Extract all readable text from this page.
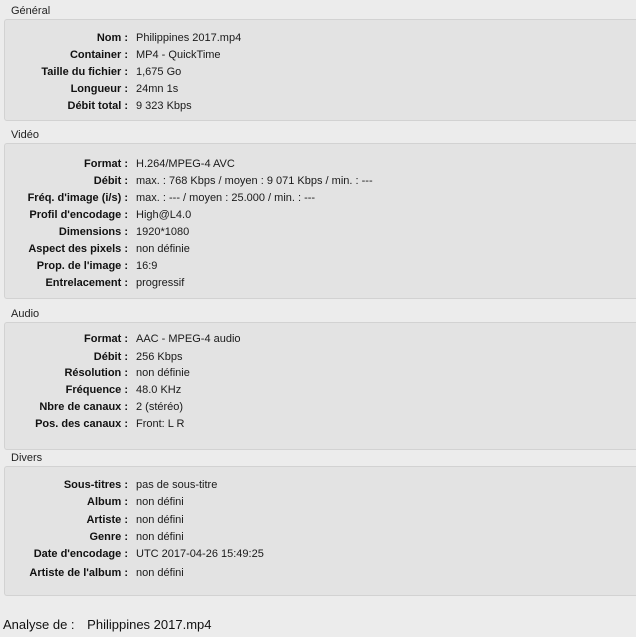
Général
Nom : Philippines 2017.mp4
Container : MP4 - QuickTime
Taille du fichier : 1,675 Go
Longueur : 24mn 1s
Débit total : 9 323 Kbps
Vidéo
Format : H.264/MPEG-4 AVC
Débit : max. : 768 Kbps / moyen : 9 071 Kbps / min. : ---
Fréq. d'image (i/s) : max. : --- / moyen : 25.000 / min. : ---
Profil d'encodage : High@L4.0
Dimensions : 1920*1080
Aspect des pixels : non définie
Prop. de l'image : 16:9
Entrelacement : progressif
Audio
Format : AAC - MPEG-4 audio
Débit : 256 Kbps
Résolution : non définie
Fréquence : 48.0 KHz
Nbre de canaux : 2 (stéréo)
Pos. des canaux : Front: L R
Divers
Sous-titres : pas de sous-titre
Album : non défini
Artiste : non défini
Genre : non défini
Date d'encodage : UTC 2017-04-26 15:49:25
Artiste de l'album : non défini
Analyse de : Philippines 2017.mp4
